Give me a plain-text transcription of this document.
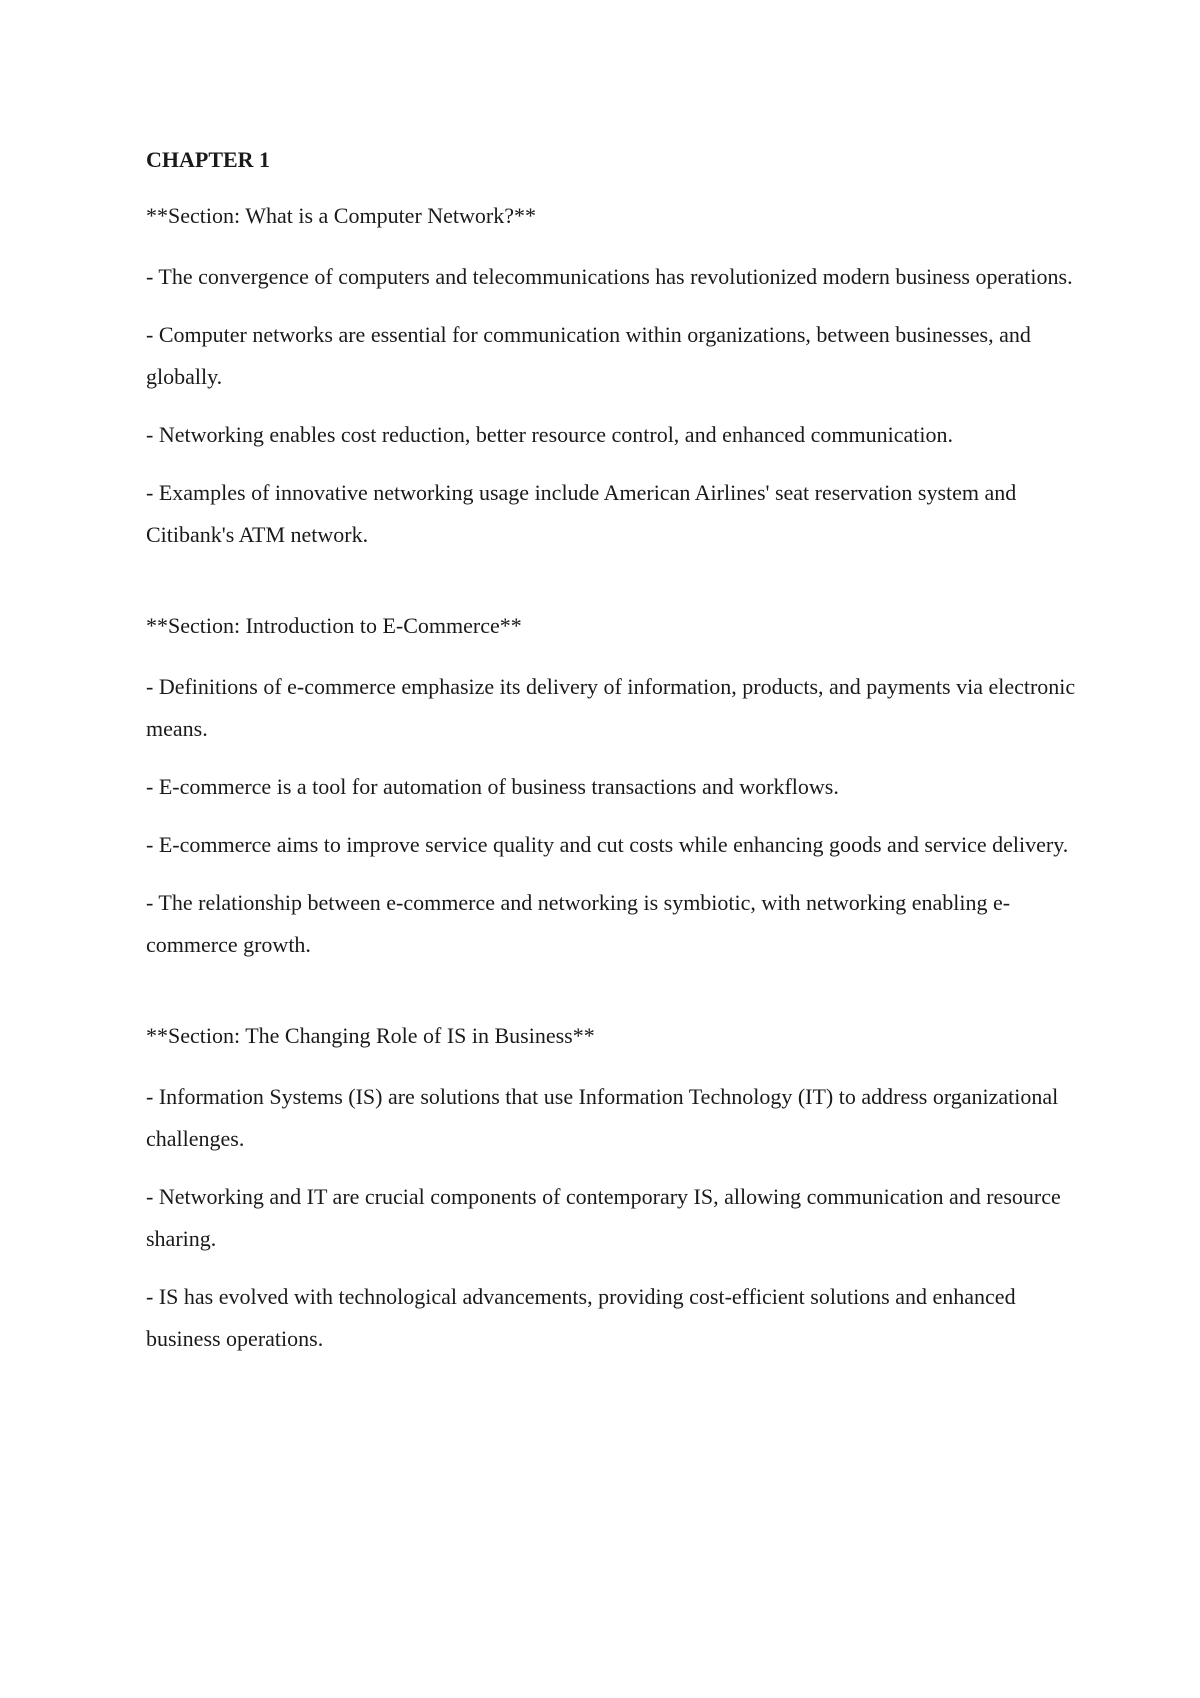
CHAPTER 1
**Section: What is a Computer Network?**
- The convergence of computers and telecommunications has revolutionized modern business operations.
- Computer networks are essential for communication within organizations, between businesses, and globally.
- Networking enables cost reduction, better resource control, and enhanced communication.
- Examples of innovative networking usage include American Airlines' seat reservation system and Citibank's ATM network.
**Section: Introduction to E-Commerce**
- Definitions of e-commerce emphasize its delivery of information, products, and payments via electronic means.
- E-commerce is a tool for automation of business transactions and workflows.
- E-commerce aims to improve service quality and cut costs while enhancing goods and service delivery.
- The relationship between e-commerce and networking is symbiotic, with networking enabling e-commerce growth.
**Section: The Changing Role of IS in Business**
- Information Systems (IS) are solutions that use Information Technology (IT) to address organizational challenges.
- Networking and IT are crucial components of contemporary IS, allowing communication and resource sharing.
- IS has evolved with technological advancements, providing cost-efficient solutions and enhanced business operations.
